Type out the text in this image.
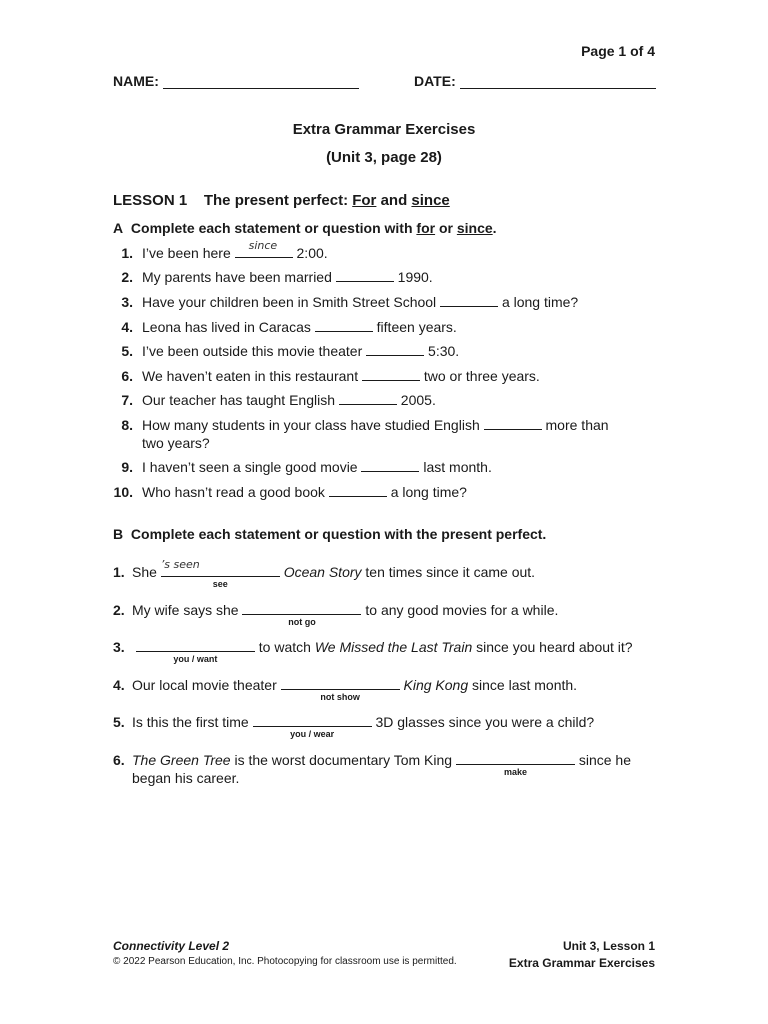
Page 1 of 4
NAME:	DATE:
Extra Grammar Exercises
(Unit 3, page 28)
LESSON 1 The present perfect: For and since
A Complete each statement or question with for or since.
1. I’ve been here since 2:00.
2. My parents have been married	1990.
3. Have your children been in Smith Street School	a long time?
4. Leona has lived in Caracas	fifteen years.
5. I’ve been outside this movie theater	5:30.
6. We haven’t eaten in this restaurant	two or three years.
7. Our teacher has taught English	2005.
8. How many students in your class have studied English	more than
two years?
9. I haven’t seen a single good movie	last month.
10. Who hasn’t read a good book	a long time?
B Complete each statement or question with the present perfect.
1. She ’s seen
see
Ocean Story ten times since it came out.
2. My wife says she
not go
to any good movies for a while.
3.

you / want
to watch We Missed the Last Train since you heard about it?
4. Our local movie theater
not show
King Kong since last month.
5. Is this the first time
you / wear
3D glasses since you were a child?
6. The Green Tree is the worst documentary Tom King
make
since he
began his career.
Connectivity Level 2
© 2022 Pearson Education, Inc. Photocopying for classroom use is permitted.
Unit 3, Lesson 1
Extra Grammar Exercises
